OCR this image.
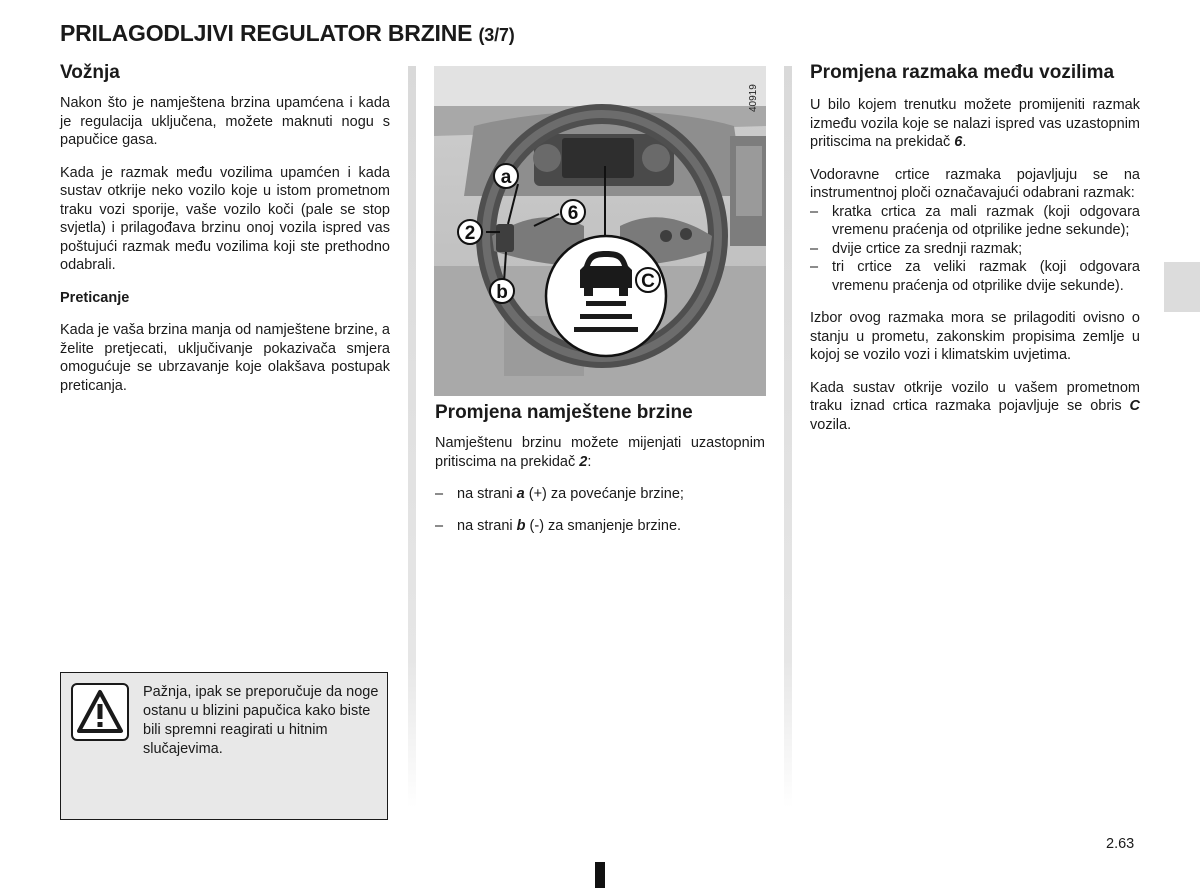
PRILAGODLJIVI REGULATOR BRZINE (3/7)
Vožnja

Nakon što je namještena brzina upamćena i kada je regulacija uključena, možete maknuti nogu s papučice gasa.

Kada je razmak među vozilima upamćen i kada sustav otkrije neko vozilo koje u istom prometnom traku vozi sporije, vaše vozilo koči (pale se stop svjetla) i prilagođava brzinu onoj vozila ispred vas poštujući razmak među vozilima koji ste prethodno odabrali.

Preticanje

Kada je vaša brzina manja od namještene brzine, a želite pretjecati, uključivanje pokazivača smjera omogućuje se ubrzavanje koje olakšava postupak preticanja.

Pažnja, ipak se preporučuje da noge ostanu u blizini papučica kako biste bili spremni reagirati u hitnim slučajevima.
a
2
b
6
C
40919
Promjena namještene brzine

Namještenu brzinu možete mijenjati uzastopnim pritiscima na prekidač 2:

– na strani a (+) za povećanje brzine;
– na strani b (-) za smanjenje brzine.
Promjena razmaka među vozilima

U bilo kojem trenutku možete promijeniti razmak između vozila koje se nalazi ispred vas uzastopnim pritiscima na prekidač 6.

Vodoravne crtice razmaka pojavljuju se na instrumentnoj ploči označavajući odabrani razmak:

– kratka crtica za mali razmak (koji odgovara vremenu praćenja od otprilike jedne sekunde);
– dvije crtice za srednji razmak;
– tri crtice za veliki razmak (koji odgovara vremenu praćenja od otprilike dvije sekunde).

Izbor ovog razmaka mora se prilagoditi ovisno o stanju u prometu, zakonskim propisima zemlje u kojoj se vozilo vozi i klimatskim uvjetima.

Kada sustav otkrije vozilo u vašem prometnom traku iznad crtica razmaka pojavljuje se obris C vozila.

2.63
